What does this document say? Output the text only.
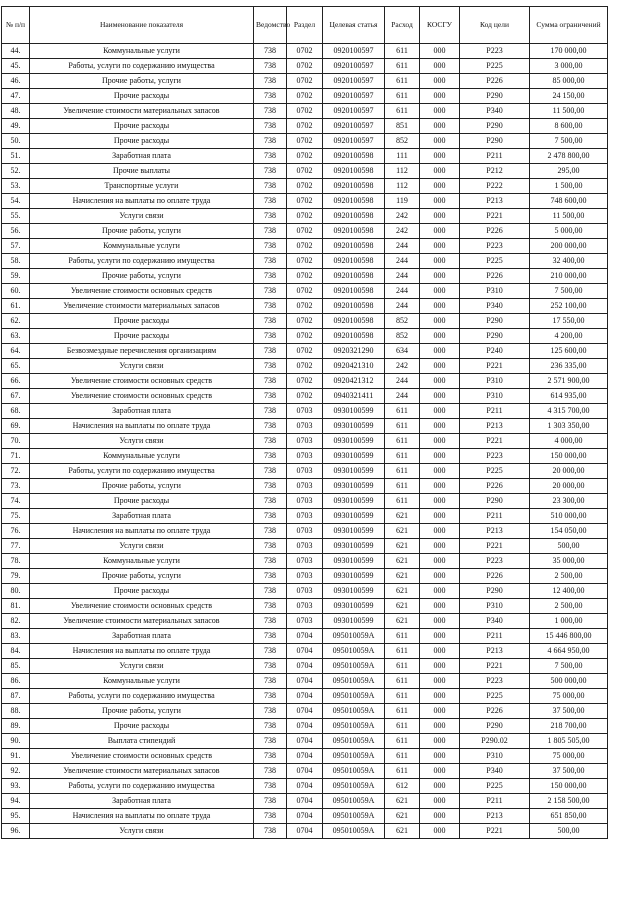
№ п/п	Наименование показателя	Ведомство	Раздел	Целевая статья	Расход	КОСГУ	Код цели	Сумма ограничений
44.	Коммунальные услуги	738	0702	0920100597	611	000	Р223	170 000,00
45.	Работы, услуги по содержанию имущества	738	0702	0920100597	611	000	Р225	3 000,00
46.	Прочие работы, услуги	738	0702	0920100597	611	000	Р226	85 000,00
47.	Прочие расходы	738	0702	0920100597	611	000	Р290	24 150,00
48.	Увеличение стоимости материальных запасов	738	0702	0920100597	611	000	Р340	11 500,00
49.	Прочие расходы	738	0702	0920100597	851	000	Р290	8 600,00
50.	Прочие расходы	738	0702	0920100597	852	000	Р290	7 500,00
51.	Заработная плата	738	0702	0920100598	111	000	Р211	2 478 800,00
52.	Прочие выплаты	738	0702	0920100598	112	000	Р212	295,00
53.	Транспортные услуги	738	0702	0920100598	112	000	Р222	1 500,00
54.	Начисления на выплаты по оплате труда	738	0702	0920100598	119	000	Р213	748 600,00
55.	Услуги связи	738	0702	0920100598	242	000	Р221	11 500,00
56.	Прочие работы, услуги	738	0702	0920100598	242	000	Р226	5 000,00
57.	Коммунальные услуги	738	0702	0920100598	244	000	Р223	200 000,00
58.	Работы, услуги по содержанию имущества	738	0702	0920100598	244	000	Р225	32 400,00
59.	Прочие работы, услуги	738	0702	0920100598	244	000	Р226	210 000,00
60.	Увеличение стоимости основных средств	738	0702	0920100598	244	000	Р310	7 500,00
61.	Увеличение стоимости материальных запасов	738	0702	0920100598	244	000	Р340	252 100,00
62.	Прочие расходы	738	0702	0920100598	852	000	Р290	17 550,00
63.	Прочие расходы	738	0702	0920100598	852	000	Р290	4 200,00
64.	Безвозмездные перечисления организациям	738	0702	0920321290	634	000	Р240	125 600,00
65.	Услуги связи	738	0702	0920421310	242	000	Р221	236 335,00
66.	Увеличение стоимости основных средств	738	0702	0920421312	244	000	Р310	2 571 900,00
67.	Увеличение стоимости основных средств	738	0702	0940321411	244	000	Р310	614 935,00
68.	Заработная плата	738	0703	0930100599	611	000	Р211	4 315 700,00
69.	Начисления на выплаты по оплате труда	738	0703	0930100599	611	000	Р213	1 303 350,00
70.	Услуги связи	738	0703	0930100599	611	000	Р221	4 000,00
71.	Коммунальные услуги	738	0703	0930100599	611	000	Р223	150 000,00
72.	Работы, услуги по содержанию имущества	738	0703	0930100599	611	000	Р225	20 000,00
73.	Прочие работы, услуги	738	0703	0930100599	611	000	Р226	20 000,00
74.	Прочие расходы	738	0703	0930100599	611	000	Р290	23 300,00
75.	Заработная плата	738	0703	0930100599	621	000	Р211	510 000,00
76.	Начисления на выплаты по оплате труда	738	0703	0930100599	621	000	Р213	154 050,00
77.	Услуги связи	738	0703	0930100599	621	000	Р221	500,00
78.	Коммунальные услуги	738	0703	0930100599	621	000	Р223	35 000,00
79.	Прочие работы, услуги	738	0703	0930100599	621	000	Р226	2 500,00
80.	Прочие расходы	738	0703	0930100599	621	000	Р290	12 400,00
81.	Увеличение стоимости основных средств	738	0703	0930100599	621	000	Р310	2 500,00
82.	Увеличение стоимости материальных запасов	738	0703	0930100599	621	000	Р340	1 000,00
83.	Заработная плата	738	0704	095010059А	611	000	Р211	15 446 800,00
84.	Начисления на выплаты по оплате труда	738	0704	095010059А	611	000	Р213	4 664 950,00
85.	Услуги связи	738	0704	095010059А	611	000	Р221	7 500,00
86.	Коммунальные услуги	738	0704	095010059А	611	000	Р223	500 000,00
87.	Работы, услуги по содержанию имущества	738	0704	095010059А	611	000	Р225	75 000,00
88.	Прочие работы, услуги	738	0704	095010059А	611	000	Р226	37 500,00
89.	Прочие расходы	738	0704	095010059А	611	000	Р290	218 700,00
90.	Выплата стипендий	738	0704	095010059А	611	000	Р290.02	1 805 505,00
91.	Увеличение стоимости основных средств	738	0704	095010059А	611	000	Р310	75 000,00
92.	Увеличение стоимости материальных запасов	738	0704	095010059А	611	000	Р340	37 500,00
93.	Работы, услуги по содержанию имущества	738	0704	095010059А	612	000	Р225	150 000,00
94.	Заработная плата	738	0704	095010059А	621	000	Р211	2 158 500,00
95.	Начисления на выплаты по оплате труда	738	0704	095010059А	621	000	Р213	651 850,00
96.	Услуги связи	738	0704	095010059А	621	000	Р221	500,00
